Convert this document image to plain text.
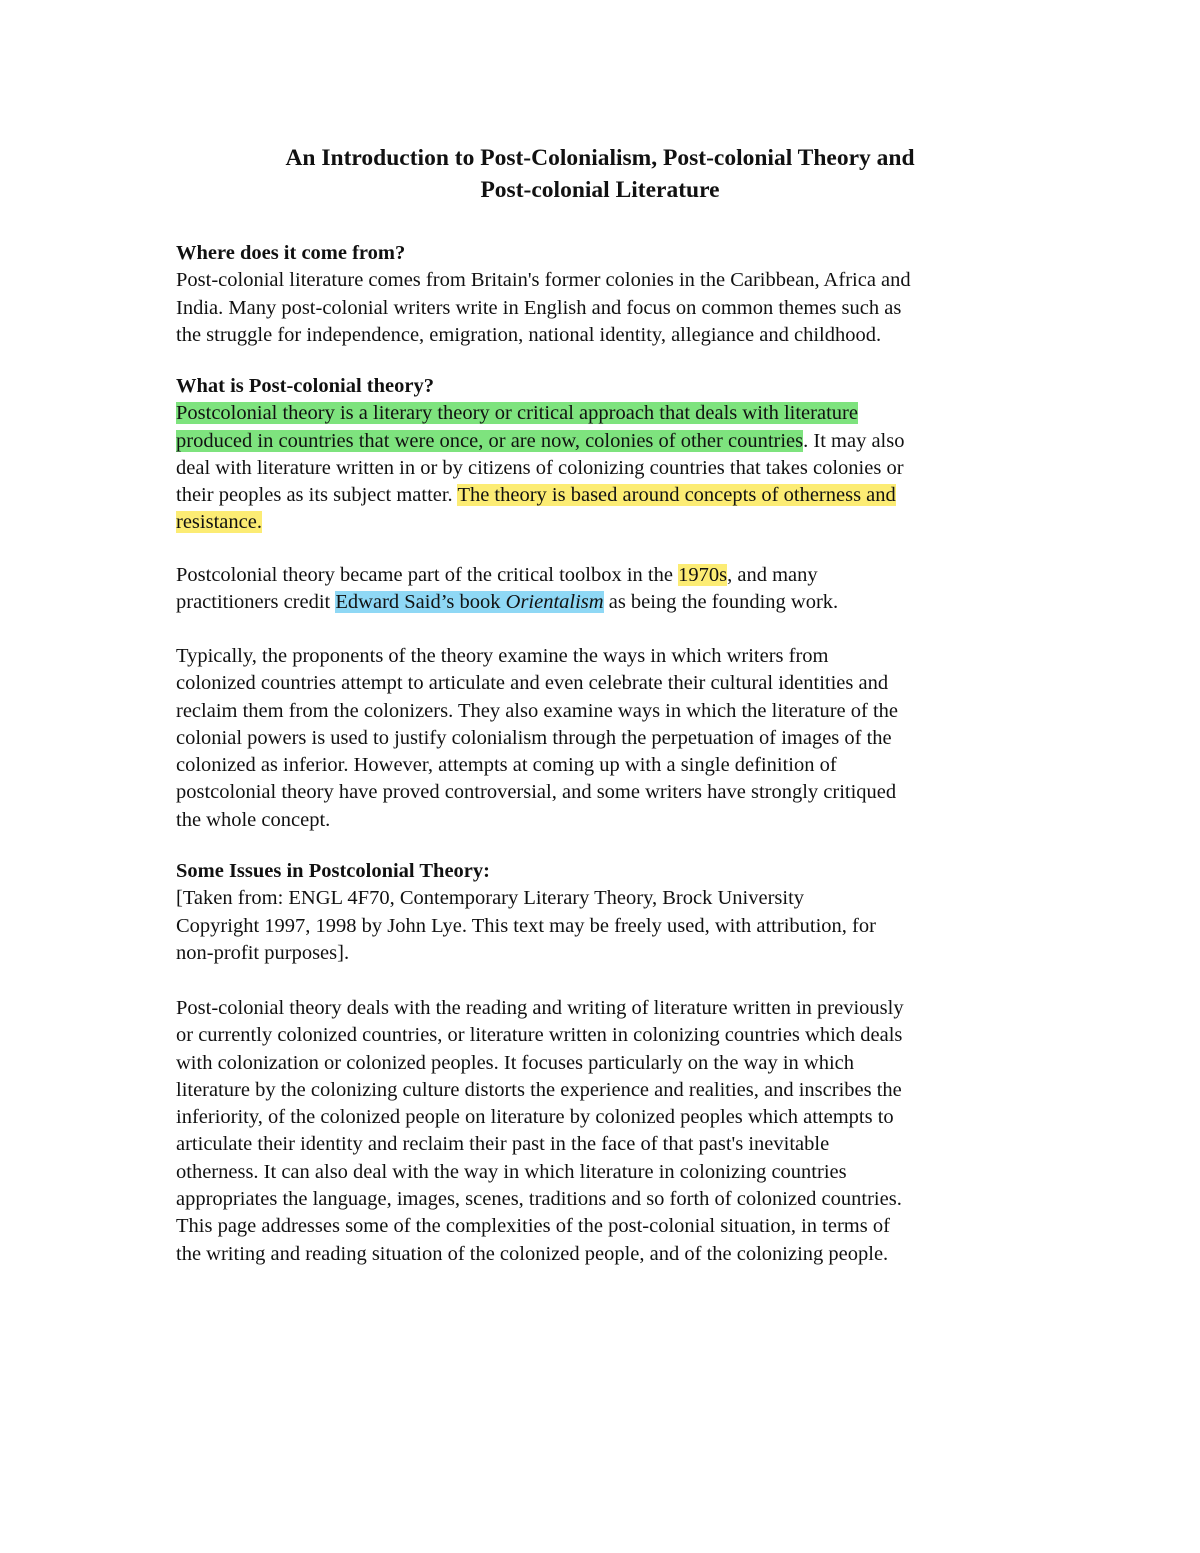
An Introduction to Post-Colonialism, Post-colonial Theory and
Post-colonial Literature
Where does it come from?
Post-colonial literature comes from Britain's former colonies in the Caribbean, Africa and
India. Many post-colonial writers write in English and focus on common themes such as
the struggle for independence, emigration, national identity, allegiance and childhood.
What is Post-colonial theory?
Postcolonial theory is a literary theory or critical approach that deals with literature
produced in countries that were once, or are now, colonies of other countries. It may also
deal with literature written in or by citizens of colonizing countries that takes colonies or
their peoples as its subject matter. The theory is based around concepts of otherness and
resistance.
Postcolonial theory became part of the critical toolbox in the 1970s, and many
practitioners credit Edward Said’s book Orientalism as being the founding work.
Typically, the proponents of the theory examine the ways in which writers from
colonized countries attempt to articulate and even celebrate their cultural identities and
reclaim them from the colonizers. They also examine ways in which the literature of the
colonial powers is used to justify colonialism through the perpetuation of images of the
colonized as inferior. However, attempts at coming up with a single definition of
postcolonial theory have proved controversial, and some writers have strongly critiqued
the whole concept.
Some Issues in Postcolonial Theory:
[Taken from: ENGL 4F70, Contemporary Literary Theory, Brock University
Copyright 1997, 1998 by John Lye. This text may be freely used, with attribution, for
non-profit purposes].
Post-colonial theory deals with the reading and writing of literature written in previously
or currently colonized countries, or literature written in colonizing countries which deals
with colonization or colonized peoples. It focuses particularly on the way in which
literature by the colonizing culture distorts the experience and realities, and inscribes the
inferiority, of the colonized people on literature by colonized peoples which attempts to
articulate their identity and reclaim their past in the face of that past's inevitable
otherness. It can also deal with the way in which literature in colonizing countries
appropriates the language, images, scenes, traditions and so forth of colonized countries.
This page addresses some of the complexities of the post-colonial situation, in terms of
the writing and reading situation of the colonized people, and of the colonizing people.
